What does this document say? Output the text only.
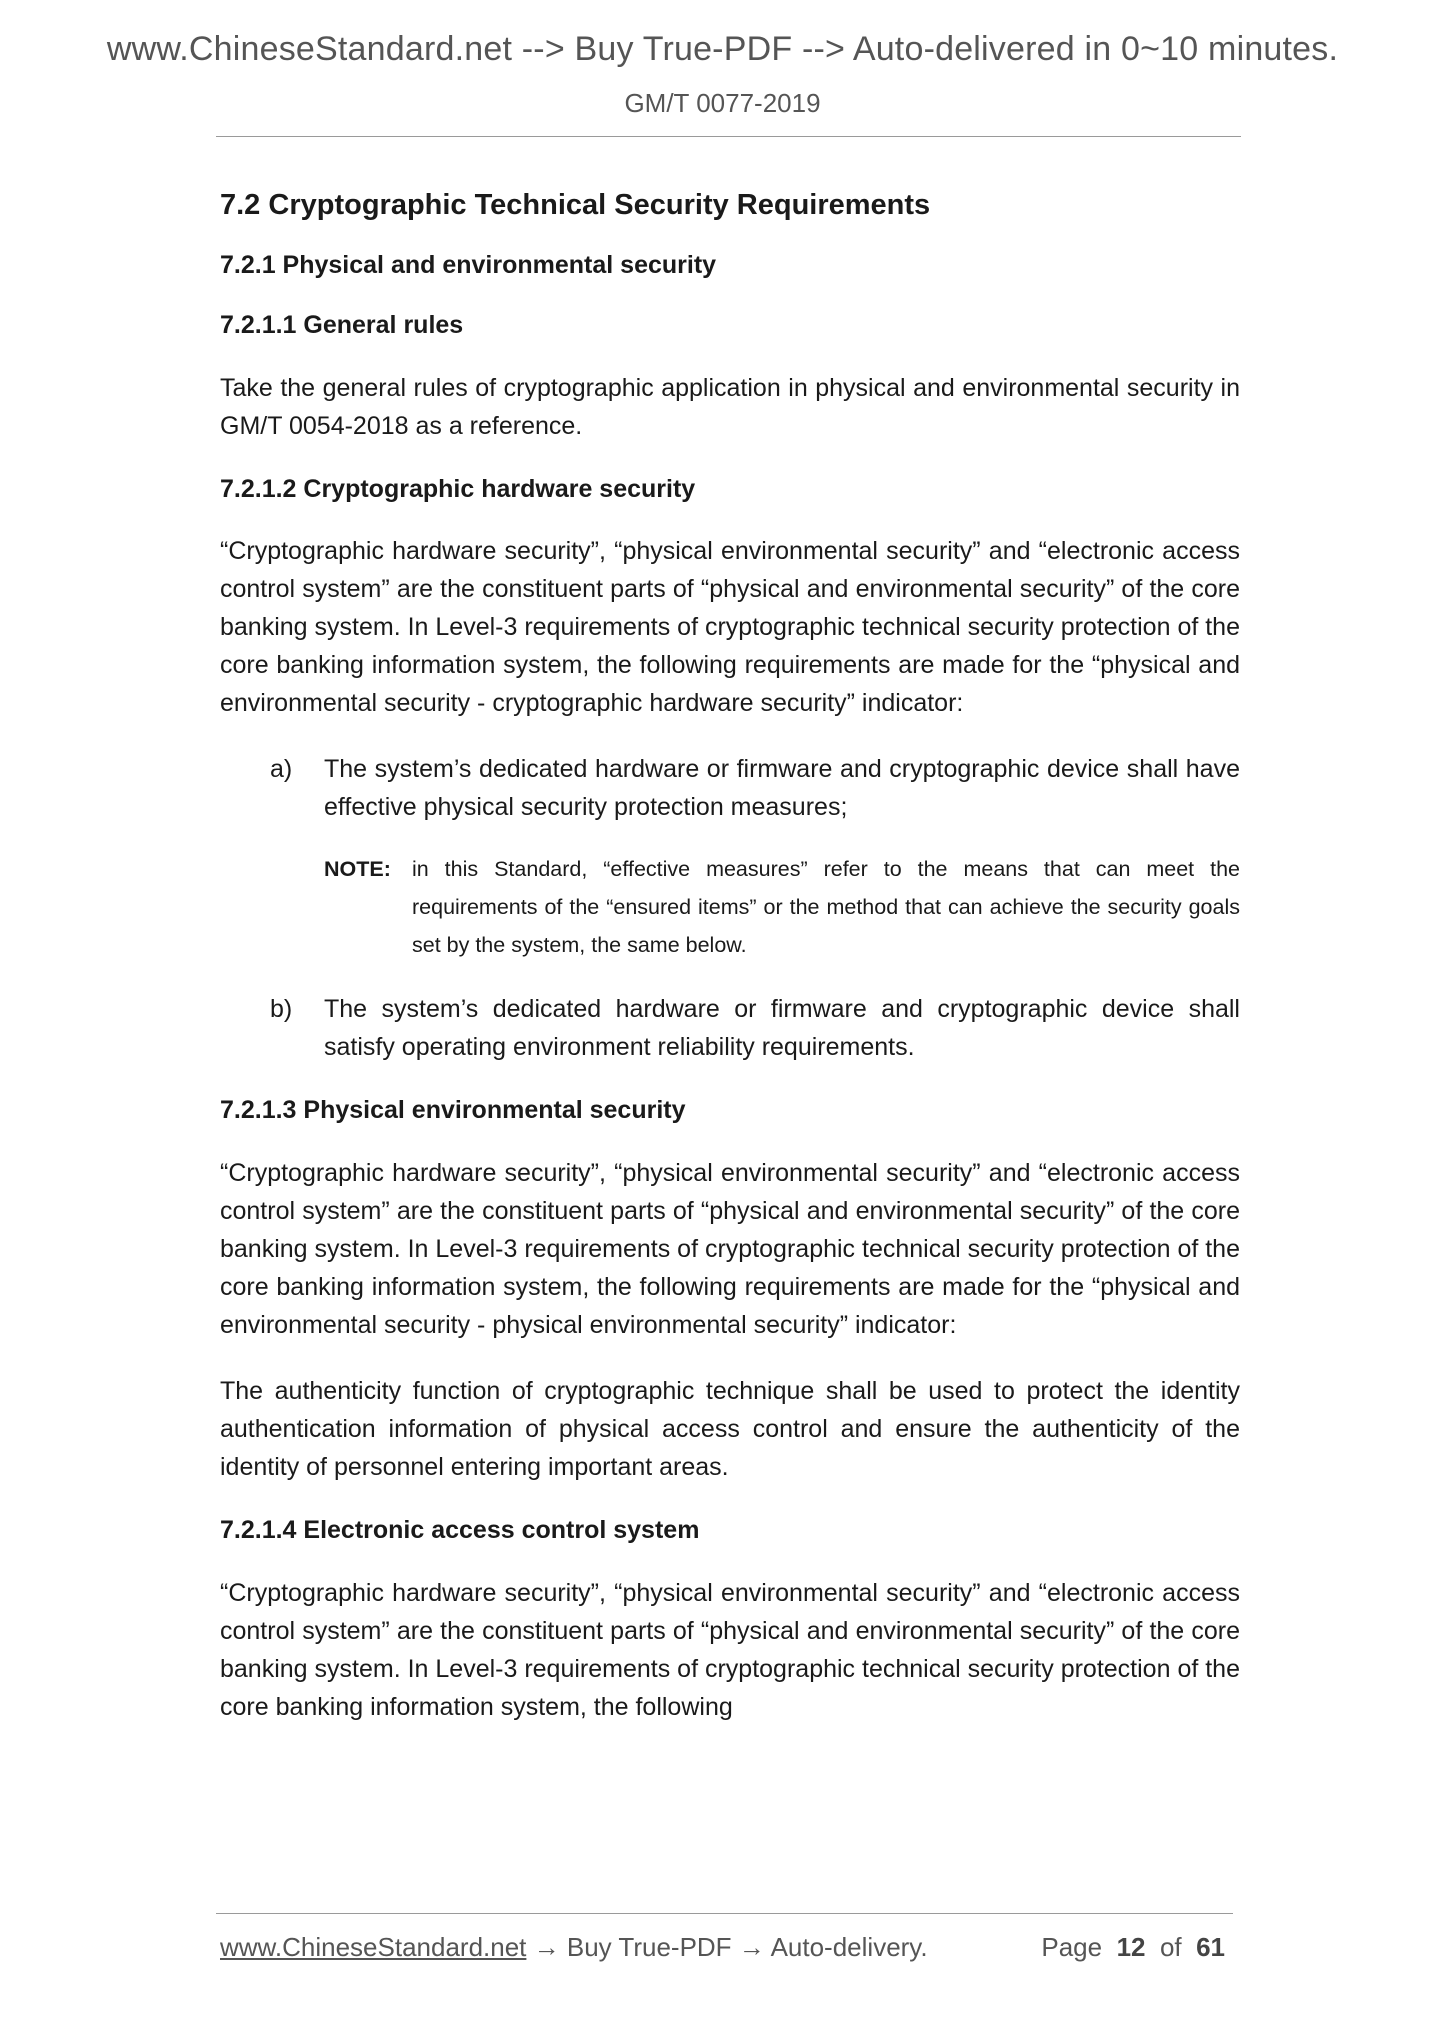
www.ChineseStandard.net --> Buy True-PDF --> Auto-delivered in 0~10 minutes.
GM/T 0077-2019
7.2 Cryptographic Technical Security Requirements
7.2.1 Physical and environmental security
7.2.1.1 General rules

Take the general rules of cryptographic application in physical and environmental security in GM/T 0054-2018 as a reference.

7.2.1.2 Cryptographic hardware security

“Cryptographic hardware security”, “physical environmental security” and “electronic access control system” are the constituent parts of “physical and environmental security” of the core banking system. In Level-3 requirements of cryptographic technical security protection of the core banking information system, the following requirements are made for the “physical and environmental security - cryptographic hardware security” indicator:

a) The system’s dedicated hardware or firmware and cryptographic device shall have effective physical security protection measures;
NOTE: in this Standard, “effective measures” refer to the means that can meet the requirements of the “ensured items” or the method that can achieve the security goals set by the system, the same below.
b) The system’s dedicated hardware or firmware and cryptographic device shall satisfy operating environment reliability requirements.
7.2.1.3 Physical environmental security

“Cryptographic hardware security”, “physical environmental security” and “electronic access control system” are the constituent parts of “physical and environmental security” of the core banking system. In Level-3 requirements of cryptographic technical security protection of the core banking information system, the following requirements are made for the “physical and environmental security - physical environmental security” indicator:

The authenticity function of cryptographic technique shall be used to protect the identity authentication information of physical access control and ensure the authenticity of the identity of personnel entering important areas.

7.2.1.4 Electronic access control system

“Cryptographic hardware security”, “physical environmental security” and “electronic access control system” are the constituent parts of “physical and environmental security” of the core banking system. In Level-3 requirements of cryptographic technical security protection of the core banking information system, the following

www.ChineseStandard.net → Buy True-PDF → Auto-delivery.	Page 12 of 61
